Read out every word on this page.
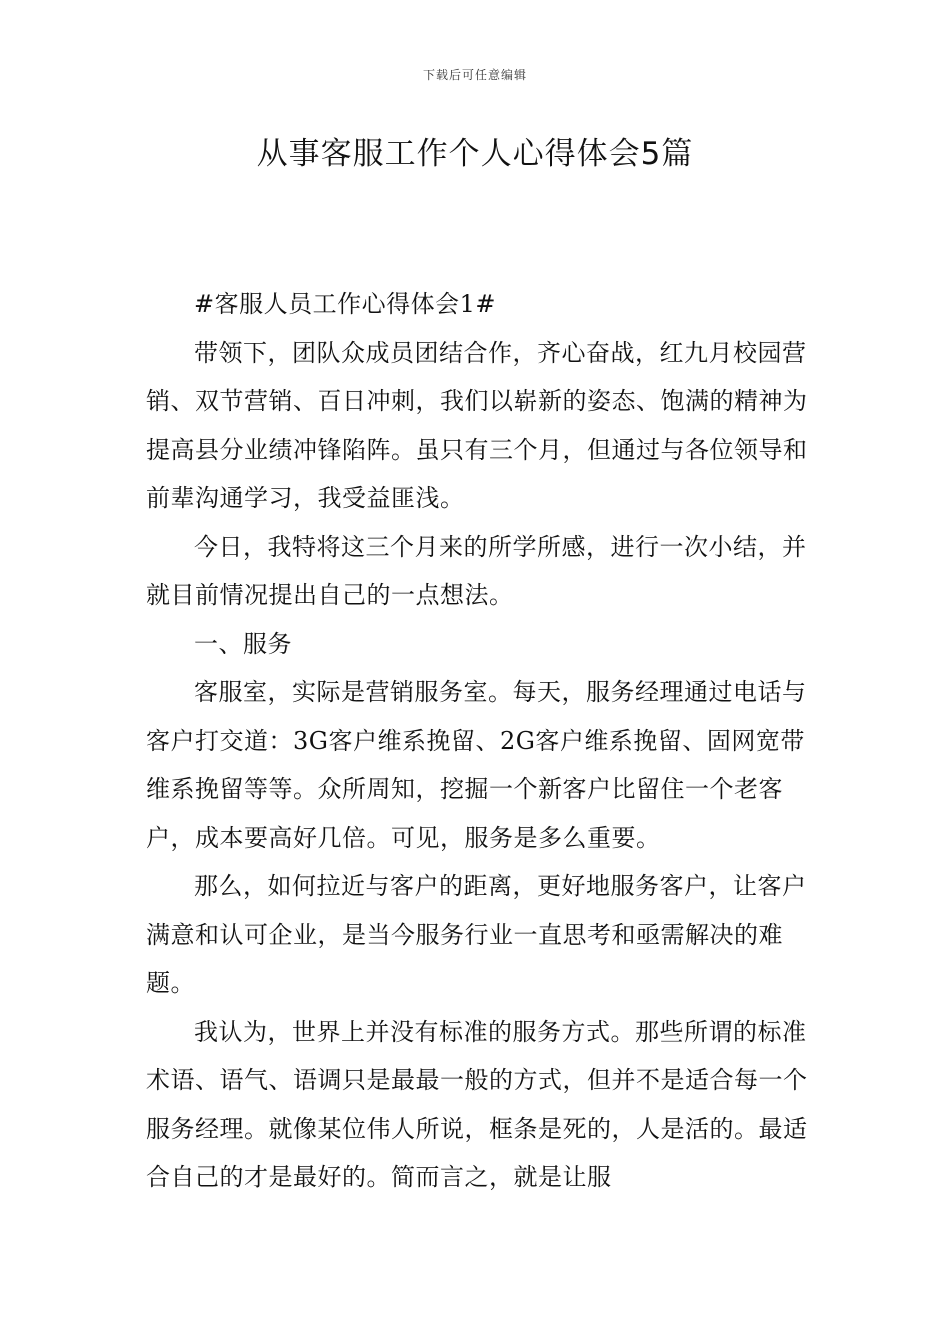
下载后可任意编辑
从事客服工作个人心得体会5篇

#客服人员工作心得体会1#

带领下，团队众成员团结合作，齐心奋战，红九月校园营销、双节营销、百日冲刺，我们以崭新的姿态、饱满的精神为提高县分业绩冲锋陷阵。虽只有三个月，但通过与各位领导和前辈沟通学习，我受益匪浅。

今日，我特将这三个月来的所学所感，进行一次小结，并就目前情况提出自己的一点想法。

一、服务

客服室，实际是营销服务室。每天，服务经理通过电话与客户打交道：3G客户维系挽留、2G客户维系挽留、固网宽带维系挽留等等。众所周知，挖掘一个新客户比留住一个老客户，成本要高好几倍。可见，服务是多么重要。

那么，如何拉近与客户的距离，更好地服务客户，让客户满意和认可企业，是当今服务行业一直思考和亟需解决的难题。

我认为，世界上并没有标准的服务方式。那些所谓的标准术语、语气、语调只是最最一般的方式，但并不是适合每一个服务经理。就像某位伟人所说，框条是死的，人是活的。最适合自己的才是最好的。简而言之，就是让服
